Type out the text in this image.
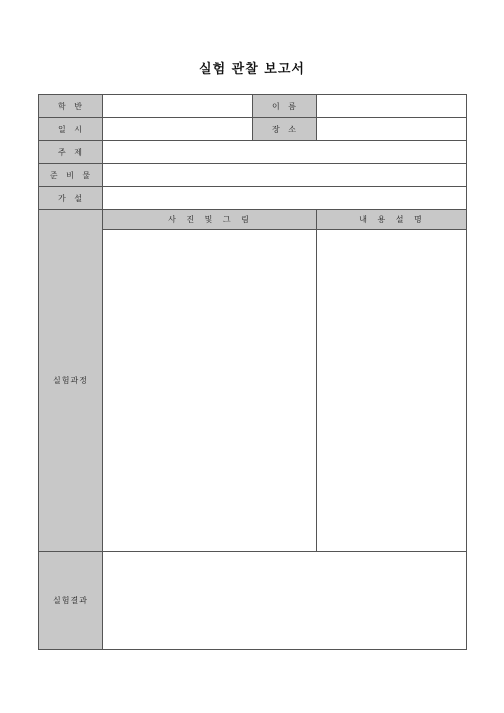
실험 관찰 보고서
학 반		이 름	
일 시		장 소	
주 제			
준 비 물			
가 설			
실험과정	사 진 및 그 림		내 용 설 명

실험결과			
